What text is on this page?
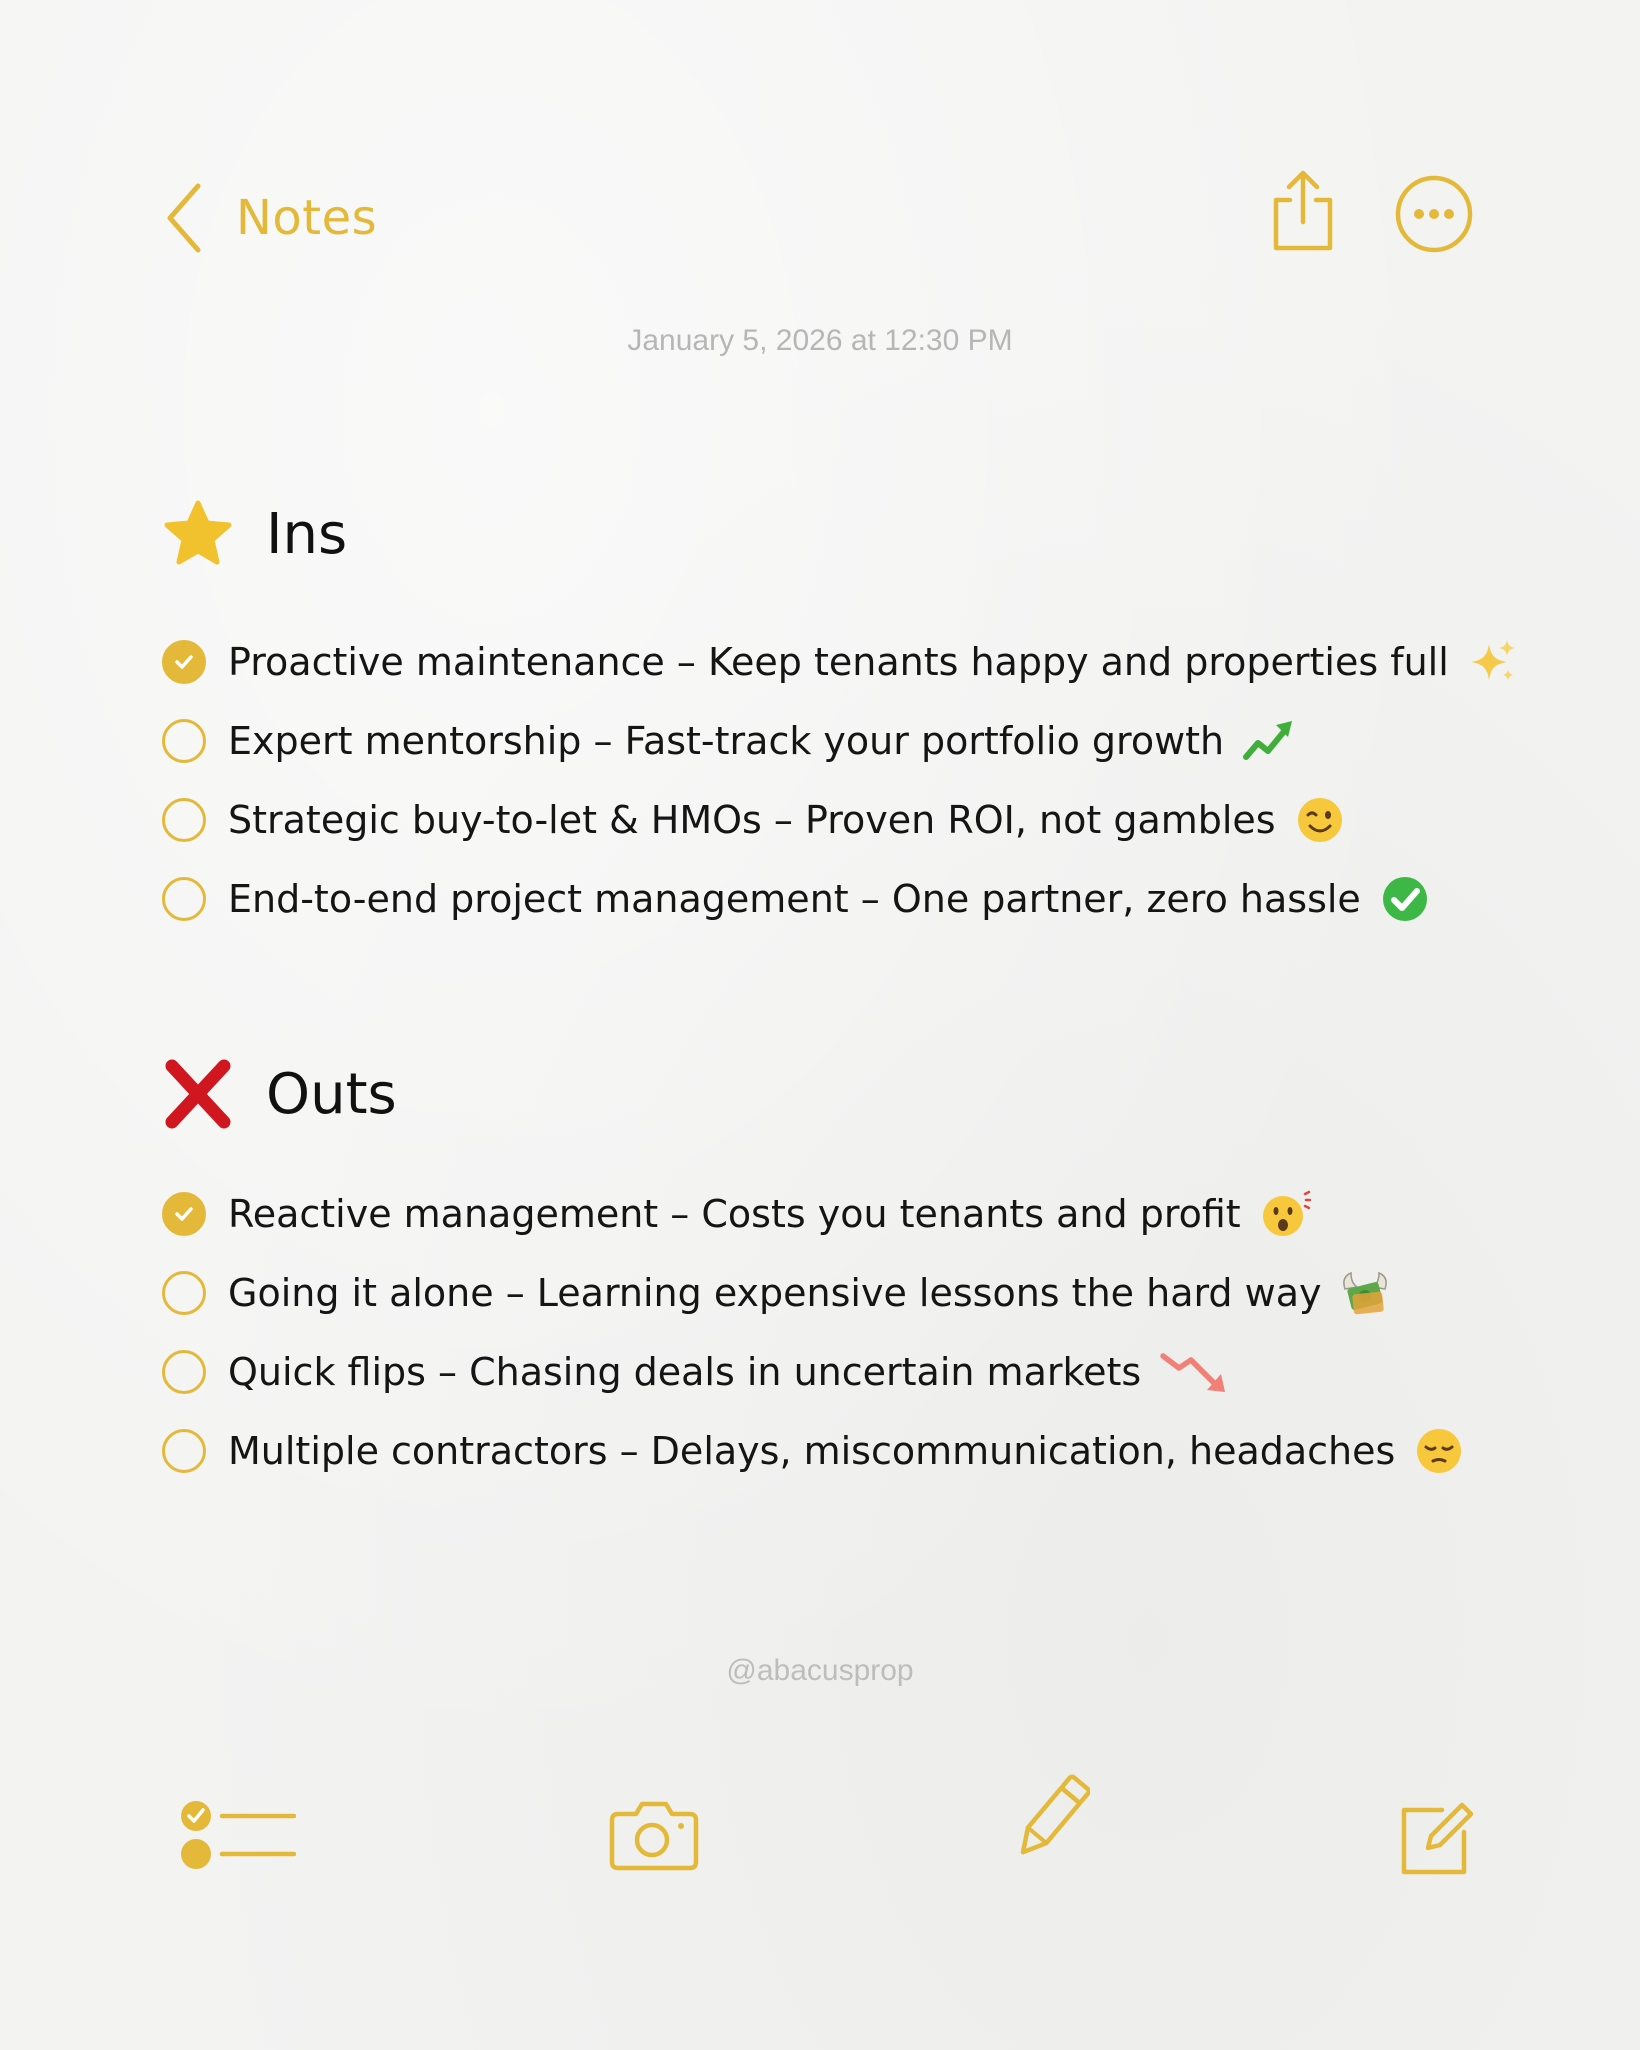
Notes
January 5, 2026 at 12:30 PM
Ins
Proactive maintenance – Keep tenants happy and properties full
Expert mentorship – Fast-track your portfolio growth
Strategic buy-to-let & HMOs – Proven ROI, not gambles
End-to-end project management – One partner, zero hassle
Outs
Reactive management – Costs you tenants and profit
Going it alone – Learning expensive lessons the hard way
Quick flips – Chasing deals in uncertain markets
Multiple contractors – Delays, miscommunication, headaches
@abacusprop
